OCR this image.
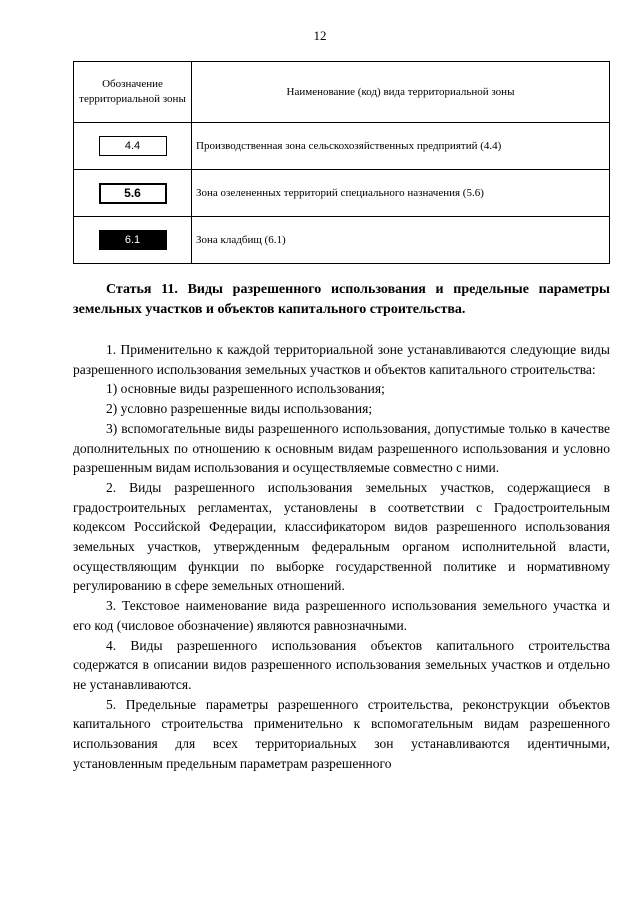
12
Обозначение территориальной зоны	Наименование (код) вида территориальной зоны
4.4	Производственная зона сельскохозяйственных предприятий (4.4)
5.6	Зона озелененных территорий специального назначения (5.6)
6.1	Зона кладбищ (6.1)
Статья 11. Виды разрешенного использования и предельные параметры земельных участков и объектов капитального строительства.

1. Применительно к каждой территориальной зоне устанавливаются следующие виды разрешенного использования земельных участков и объектов капитального строительства:

1) основные виды разрешенного использования;

2) условно разрешенные виды использования;

3) вспомогательные виды разрешенного использования, допустимые только в качестве дополнительных по отношению к основным видам разрешенного использования и условно разрешенным видам использования и осуществляемые совместно с ними.

2. Виды разрешенного использования земельных участков, содержащиеся в градостроительных регламентах, установлены в соответствии с Градостроительным кодексом Российской Федерации, классификатором видов разрешенного использования земельных участков, утвержденным федеральным органом исполнительной власти, осуществляющим функции по выборке государственной политике и нормативному регулированию в сфере земельных отношений.

3. Текстовое наименование вида разрешенного использования земельного участка и его код (числовое обозначение) являются равнозначными.

4. Виды разрешенного использования объектов капитального строительства содержатся в описании видов разрешенного использования земельных участков и отдельно не устанавливаются.

5. Предельные параметры разрешенного строительства, реконструкции объектов капитального строительства применительно к вспомогательным видам разрешенного использования для всех территориальных зон устанавливаются идентичными, установленным предельным параметрам разрешенного
